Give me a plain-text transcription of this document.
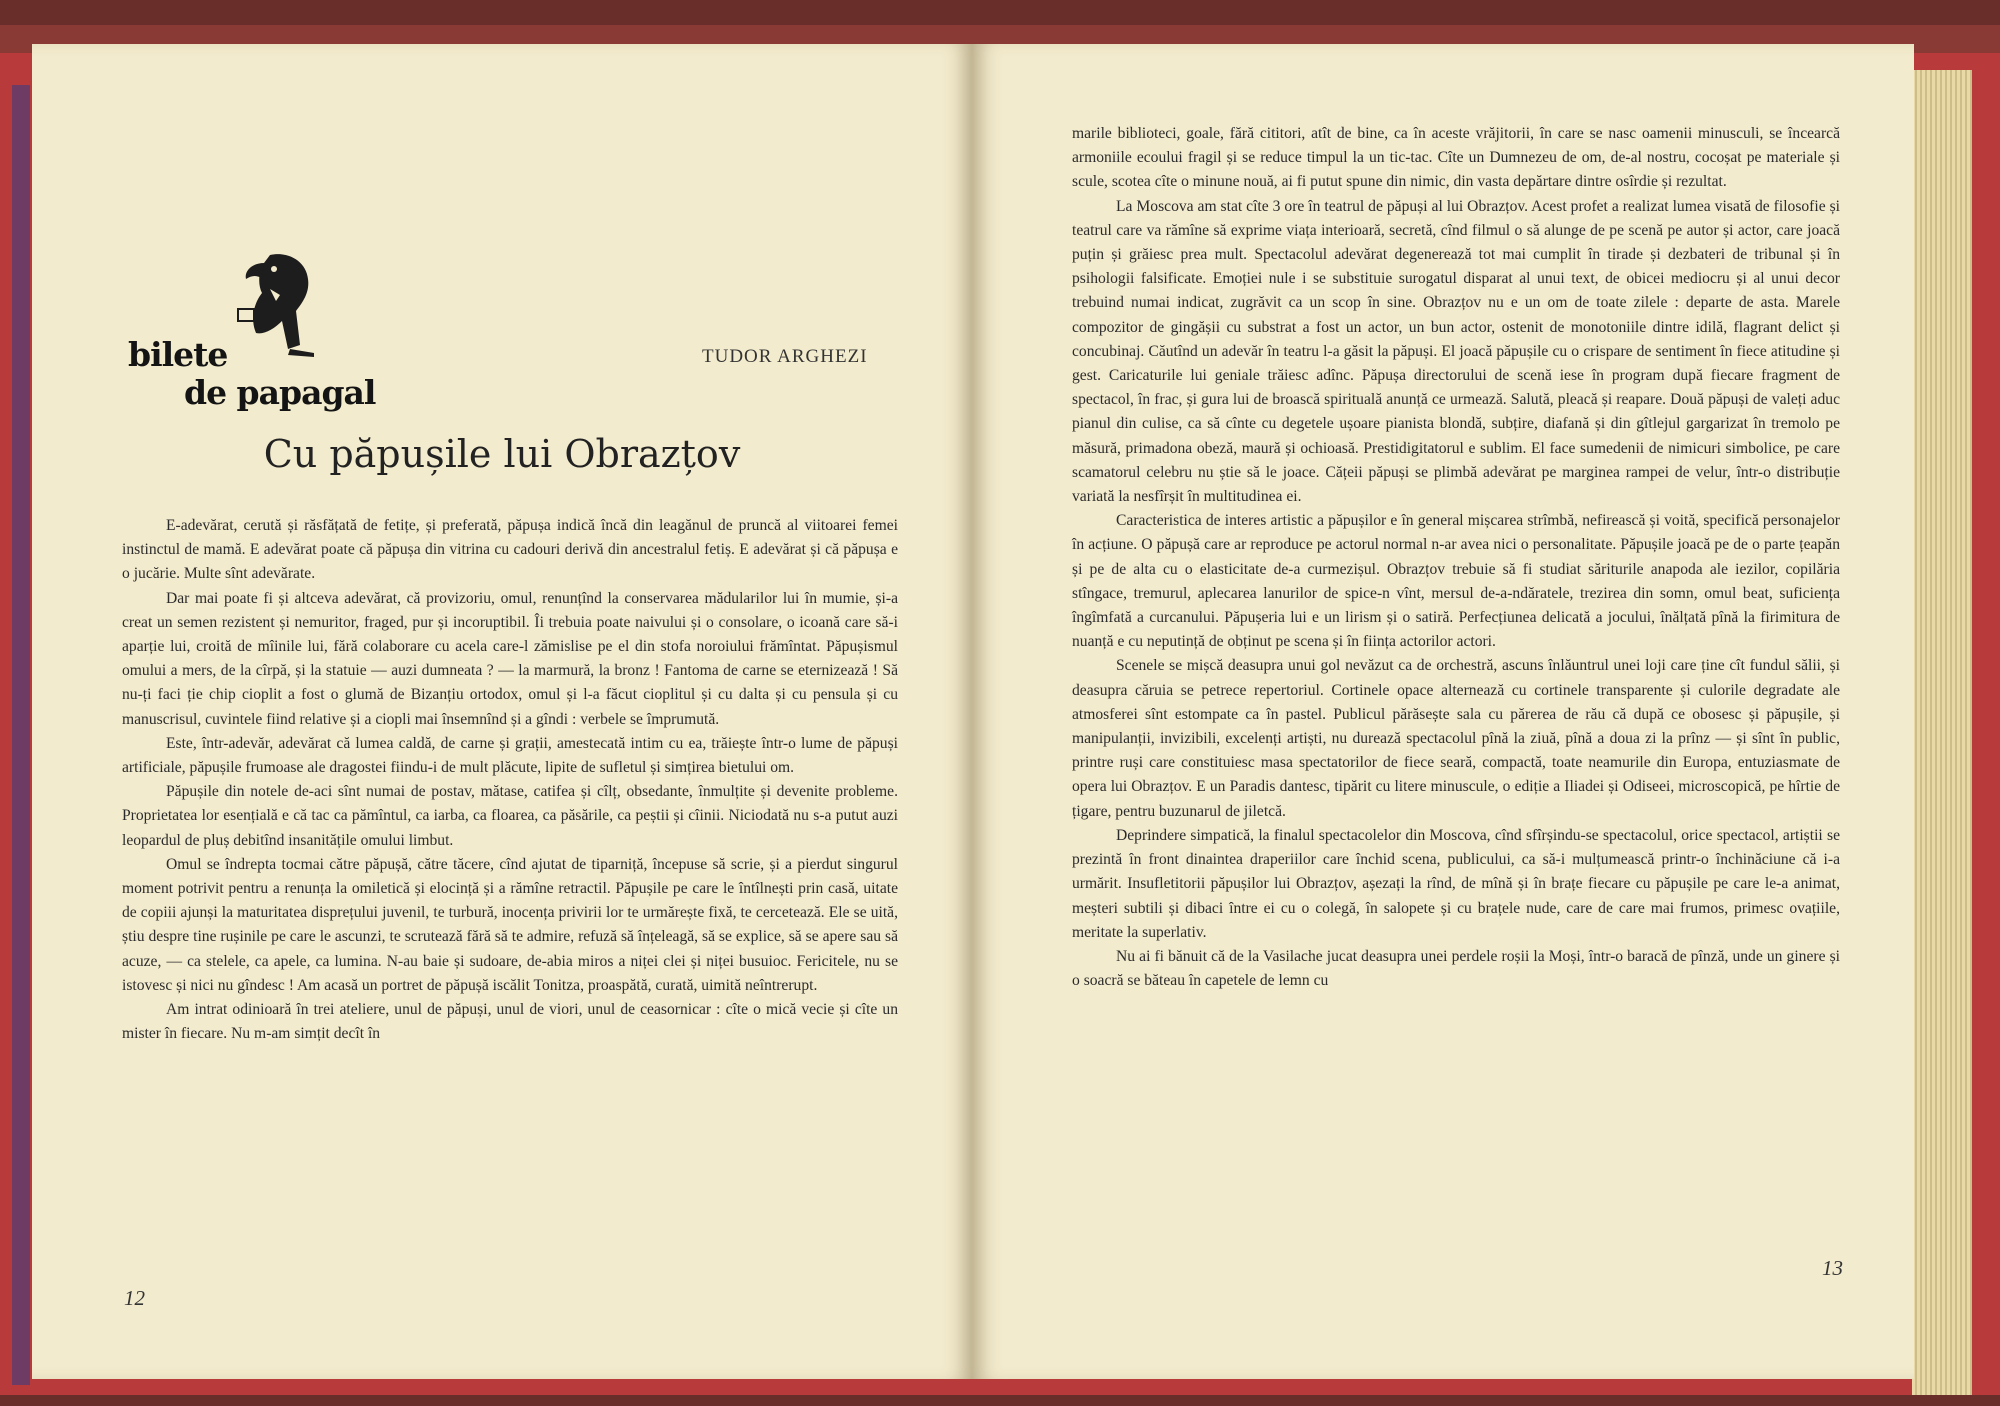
bilete
de papagal
TUDOR ARGHEZI
Cu păpușile lui Obrazțov

E-adevărat, cerută și răsfățată de fetițe, și preferată, păpușa indică încă din leagănul de pruncă al viitoarei femei instinctul de mamă. E adevărat poate că păpușa din vitrina cu cadouri derivă din ancestralul fetiș. E adevărat și că păpușa e o jucărie. Multe sînt adevărate.

Dar mai poate fi și altceva adevărat, că provizoriu, omul, renunțînd la conservarea mădularilor lui în mumie, și-a creat un semen rezistent și nemuritor, fraged, pur și incoruptibil. Îi trebuia poate naivului și o consolare, o icoană care să-i aparție lui, croită de mîinile lui, fără colaborare cu acela care-l zămislise pe el din stofa noroiului frămîntat. Păpușismul omului a mers, de la cîrpă, și la statuie — auzi dumneata ? — la marmură, la bronz ! Fantoma de carne se eternizează ! Să nu-ți faci ție chip cioplit a fost o glumă de Bizanțiu ortodox, omul și l-a făcut cioplitul și cu dalta și cu pensula și cu manuscrisul, cuvintele fiind relative și a ciopli mai însemnînd și a gîndi : verbele se împrumută.

Este, într-adevăr, adevărat că lumea caldă, de carne și grații, amestecată intim cu ea, trăiește într-o lume de păpuși artificiale, păpușile frumoase ale dragostei fiindu-i de mult plăcute, lipite de sufletul și simțirea bietului om.

Păpușile din notele de-aci sînt numai de postav, mătase, catifea și cîlț, obsedante, înmulțite și devenite probleme. Proprietatea lor esențială e că tac ca pămîntul, ca iarba, ca floarea, ca păsările, ca peștii și cîinii. Niciodată nu s-a putut auzi leopardul de pluș debitînd insanitățile omului limbut.

Omul se îndrepta tocmai către păpușă, către tăcere, cînd ajutat de tiparniță, începuse să scrie, și a pierdut singurul moment potrivit pentru a renunța la omiletică și elocință și a rămîne retractil. Păpușile pe care le întîlnești prin casă, uitate de copiii ajunși la maturitatea disprețului juvenil, te turbură, inocența privirii lor te urmărește fixă, te cercetează. Ele se uită, știu despre tine rușinile pe care le ascunzi, te scrutează fără să te admire, refuză să înțeleagă, să se explice, să se apere sau să acuze, — ca stelele, ca apele, ca lumina. N-au baie și sudoare, de-abia miros a niței clei și niței busuioc. Fericitele, nu se istovesc și nici nu gîndesc ! Am acasă un portret de păpușă iscălit Tonitza, proaspătă, curată, uimită neîntrerupt.

Am intrat odinioară în trei ateliere, unul de păpuși, unul de viori, unul de ceasornicar : cîte o mică vecie și cîte un mister în fiecare. Nu m-am simțit decît în

12

marile biblioteci, goale, fără cititori, atît de bine, ca în aceste vrăjitorii, în care se nasc oamenii minusculi, se încearcă armoniile ecoului fragil și se reduce timpul la un tic-tac. Cîte un Dumnezeu de om, de-al nostru, cocoșat pe materiale și scule, scotea cîte o minune nouă, ai fi putut spune din nimic, din vasta depărtare dintre osîrdie și rezultat.

La Moscova am stat cîte 3 ore în teatrul de păpuși al lui Obrazțov. Acest profet a realizat lumea visată de filosofie și teatrul care va rămîne să exprime viața interioară, secretă, cînd filmul o să alunge de pe scenă pe autor și actor, care joacă puțin și grăiesc prea mult. Spectacolul adevărat degenerează tot mai cumplit în tirade și dezbateri de tribunal și în psihologii falsificate. Emoției nule i se substituie surogatul disparat al unui text, de obicei mediocru și al unui decor trebuind numai indicat, zugrăvit ca un scop în sine. Obrazțov nu e un om de toate zilele : departe de asta. Marele compozitor de gingășii cu substrat a fost un actor, un bun actor, ostenit de monotoniile dintre idilă, flagrant delict și concubinaj. Căutînd un adevăr în teatru l-a găsit la păpuși. El joacă păpușile cu o crispare de sentiment în fiece atitudine și gest. Caricaturile lui geniale trăiesc adînc. Păpușa directorului de scenă iese în program după fiecare fragment de spectacol, în frac, și gura lui de broască spirituală anunță ce urmează. Salută, pleacă și reapare. Două păpuși de valeți aduc pianul din culise, ca să cînte cu degetele ușoare pianista blondă, subțire, diafană și din gîtlejul gargarizat în tremolo pe măsură, primadona obeză, maură și ochioasă. Prestidigitatorul e sublim. El face sumedenii de nimicuri simbolice, pe care scamatorul celebru nu știe să le joace. Cățeii păpuși se plimbă adevărat pe marginea rampei de velur, într-o distribuție variată la nesfîrșit în multitudinea ei.

Caracteristica de interes artistic a păpușilor e în general mișcarea strîmbă, nefirească și voită, specifică personajelor în acțiune. O păpușă care ar reproduce pe actorul normal n-ar avea nici o personalitate. Păpușile joacă pe de o parte țeapăn și pe de alta cu o elasticitate de-a curmezișul. Obrazțov trebuie să fi studiat săriturile anapoda ale iezilor, copilăria stîngace, tremurul, aplecarea lanurilor de spice-n vînt, mersul de-a-ndăratele, trezirea din somn, omul beat, suficiența îngîmfată a curcanului. Păpușeria lui e un lirism și o satiră. Perfecțiunea delicată a jocului, înălțată pînă la firimitura de nuanță e cu neputință de obținut pe scena și în ființa actorilor actori.

Scenele se mișcă deasupra unui gol nevăzut ca de orchestră, ascuns înlăuntrul unei loji care ține cît fundul sălii, și deasupra căruia se petrece repertoriul. Cortinele opace alternează cu cortinele transparente și culorile degradate ale atmosferei sînt estompate ca în pastel. Publicul părăsește sala cu părerea de rău că după ce obosesc și păpușile, și manipulanții, invizibili, excelenți artiști, nu durează spectacolul pînă la ziuă, pînă a doua zi la prînz — și sînt în public, printre ruși care constituiesc masa spectatorilor de fiece seară, compactă, toate neamurile din Europa, entuziasmate de opera lui Obrazțov. E un Paradis dantesc, tipărit cu litere minuscule, o ediție a Iliadei și Odiseei, microscopică, pe hîrtie de țigare, pentru buzunarul de jiletcă.

Deprindere simpatică, la finalul spectacolelor din Moscova, cînd sfîrșindu-se spectacolul, orice spectacol, artiștii se prezintă în front dinaintea draperiilor care închid scena, publicului, ca să-i mulțumească printr-o închinăciune că i-a urmărit. Insufletitorii păpușilor lui Obrazțov, așezați la rînd, de mînă și în brațe fiecare cu păpușile pe care le-a animat, meșteri subtili și dibaci între ei cu o colegă, în salopete și cu brațele nude, care de care mai frumos, primesc ovațiile, meritate la superlativ.

Nu ai fi bănuit că de la Vasilache jucat deasupra unei perdele roșii la Moși, într-o baracă de pînză, unde un ginere și o soacră se băteau în capetele de lemn cu

13
